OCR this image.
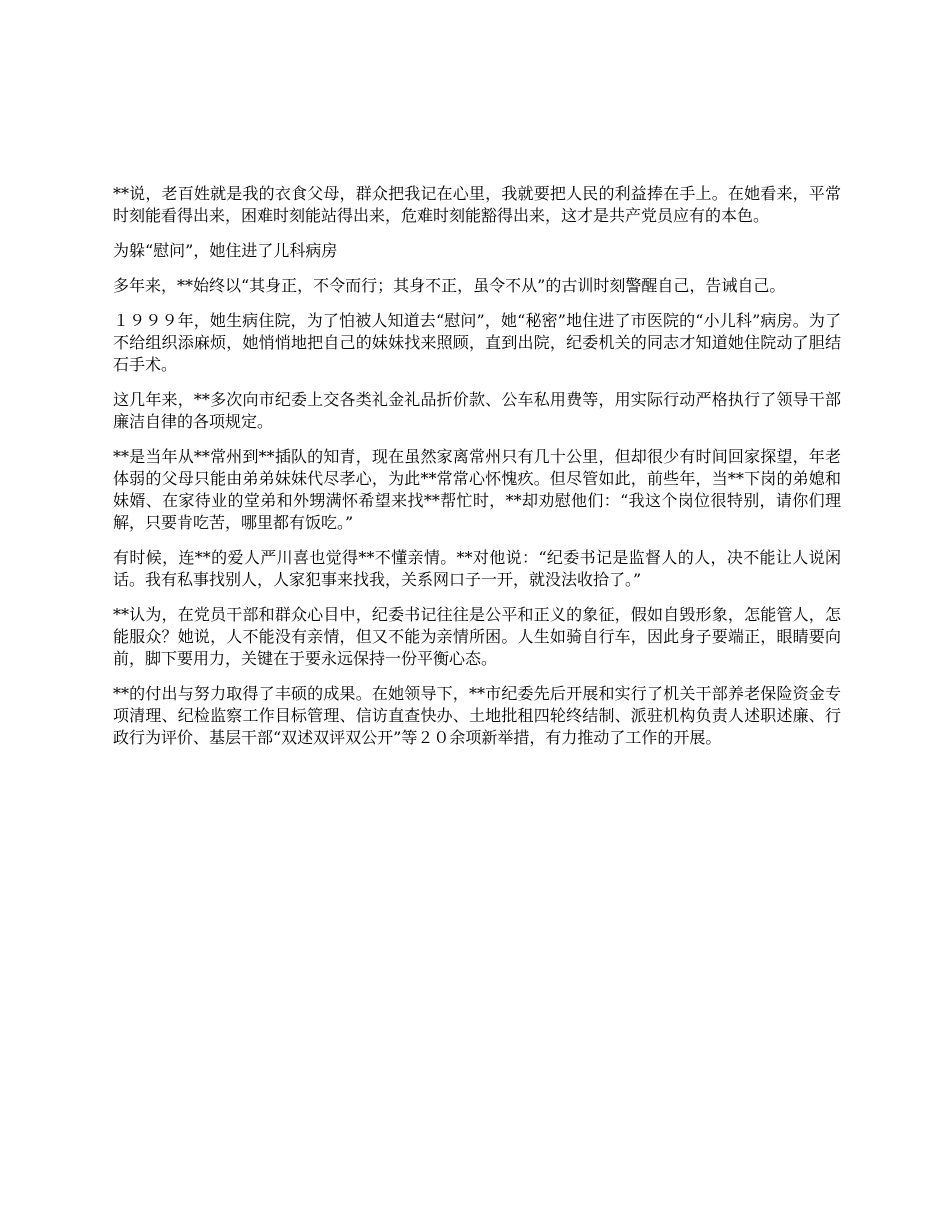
**说，老百姓就是我的衣食父母，群众把我记在心里，我就要把人民的利益捧在手上。在她看来，平常时刻能看得出来，困难时刻能站得出来，危难时刻能豁得出来，这才是共产党员应有的本色。

为躲“慰问”，她住进了儿科病房

多年来，**始终以“其身正，不令而行；其身不正，虽令不从”的古训时刻警醒自己，告诫自己。

１９９９年，她生病住院，为了怕被人知道去“慰问”，她“秘密”地住进了市医院的“小儿科”病房。为了不给组织添麻烦，她悄悄地把自己的妹妹找来照顾，直到出院，纪委机关的同志才知道她住院动了胆结石手术。

这几年来，**多次向市纪委上交各类礼金礼品折价款、公车私用费等，用实际行动严格执行了领导干部廉洁自律的各项规定。

**是当年从**常州到**插队的知青，现在虽然家离常州只有几十公里，但却很少有时间回家探望，年老体弱的父母只能由弟弟妹妹代尽孝心，为此**常常心怀愧疚。但尽管如此，前些年，当**下岗的弟媳和妹婿、在家待业的堂弟和外甥满怀希望来找**帮忙时，**却劝慰他们：“我这个岗位很特别，请你们理解，只要肯吃苦，哪里都有饭吃。”

有时候，连**的爱人严川喜也觉得**不懂亲情。**对他说：“纪委书记是监督人的人，决不能让人说闲话。我有私事找别人，人家犯事来找我，关系网口子一开，就没法收拾了。”

**认为，在党员干部和群众心目中，纪委书记往往是公平和正义的象征，假如自毁形象，怎能管人，怎能服众？她说，人不能没有亲情，但又不能为亲情所困。人生如骑自行车，因此身子要端正，眼睛要向前，脚下要用力，关键在于要永远保持一份平衡心态。

**的付出与努力取得了丰硕的成果。在她领导下，**市纪委先后开展和实行了机关干部养老保险资金专项清理、纪检监察工作目标管理、信访直查快办、土地批租四轮终结制、派驻机构负责人述职述廉、行政行为评价、基层干部“双述双评双公开”等２０余项新举措，有力推动了工作的开展。
